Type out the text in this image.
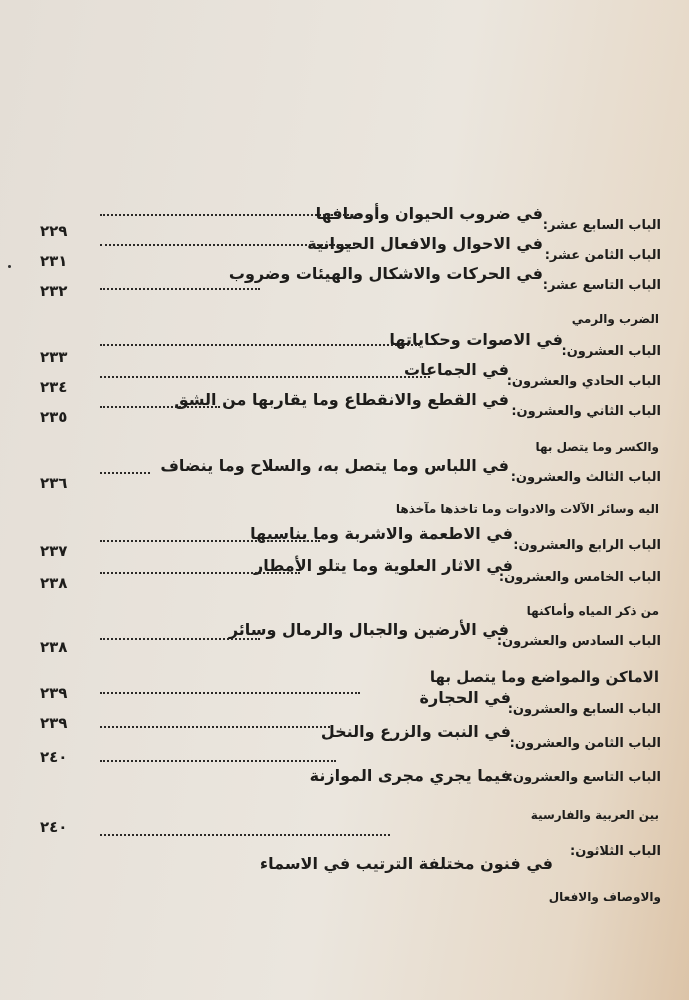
الباب السابع عشر:
في ضروب الحيوان وأوصافها
٢٢٩
الباب الثامن عشر:
في الاحوال والافعال الحيوانية
٢٣١
الباب التاسع عشر:
في الحركات والاشكال والهيئات وضروب
٢٣٢
الضرب والرمي
الباب العشرون:
في الاصوات وحكاياتها
٢٣٣
الباب الحادي والعشرون:
في الجماعات
٢٣٤
الباب الثاني والعشرون:
في القطع والانقطاع وما يقاربها من الشق
٢٣٥
والكسر وما يتصل بها
الباب الثالث والعشرون:
في اللباس وما يتصل به، والسلاح وما ينضاف
٢٣٦
اليه وسائر الآلات والادوات وما تاخذها مآخذها
الباب الرابع والعشرون:
في الاطعمة والاشربة وما يناسبها
٢٣٧
الباب الخامس والعشرون:
في الاثار العلوية وما يتلو الأمطار
٢٣٨
من ذكر المياه وأماكنها
الباب السادس والعشرون:
في الأرضين والجبال والرمال وسائر
٢٣٨
الاماكن والمواضع وما يتصل بها
الباب السابع والعشرون:
في الحجارة
٢٣٩
الباب الثامن والعشرون:
في النبت والزرع والنخل
٢٣٩
الباب التاسع والعشرون:
فيما يجري مجرى الموازنة
٢٤٠
بين العربية والفارسية
الباب الثلاثون:
في فنون مختلفة الترتيب في الاسماء
٢٤٠
والاوصاف والافعال
